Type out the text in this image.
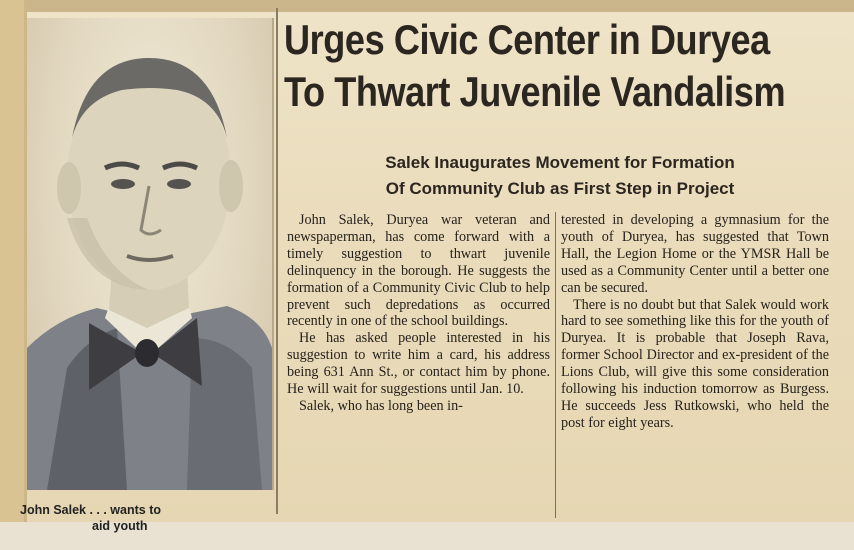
John Salek . . . wants to
aid youth
Urges Civic Center in Duryea
To Thwart Juvenile Vandalism
Salek Inaugurates Movement for Formation
Of Community Club as First Step in Project

John Salek, Duryea war veteran and newspaperman, has come forward with a timely suggestion to thwart juvenile delinquency in the borough. He suggests the formation of a Community Civic Club to help prevent such depredations as occurred recently in one of the school buildings.

He has asked people interested in his suggestion to write him a card, his address being 631 Ann St., or contact him by phone. He will wait for suggestions until Jan. 10.

Salek, who has long been in-

terested in developing a gymnasium for the youth of Duryea, has suggested that Town Hall, the Legion Home or the YMSR Hall be used as a Community Center until a better one can be secured.

There is no doubt but that Salek would work hard to see something like this for the youth of Duryea. It is probable that Joseph Rava, former School Director and ex-president of the Lions Club, will give this some consideration following his induction tomorrow as Burgess. He succeeds Jess Rutkowski, who held the post for eight years.
